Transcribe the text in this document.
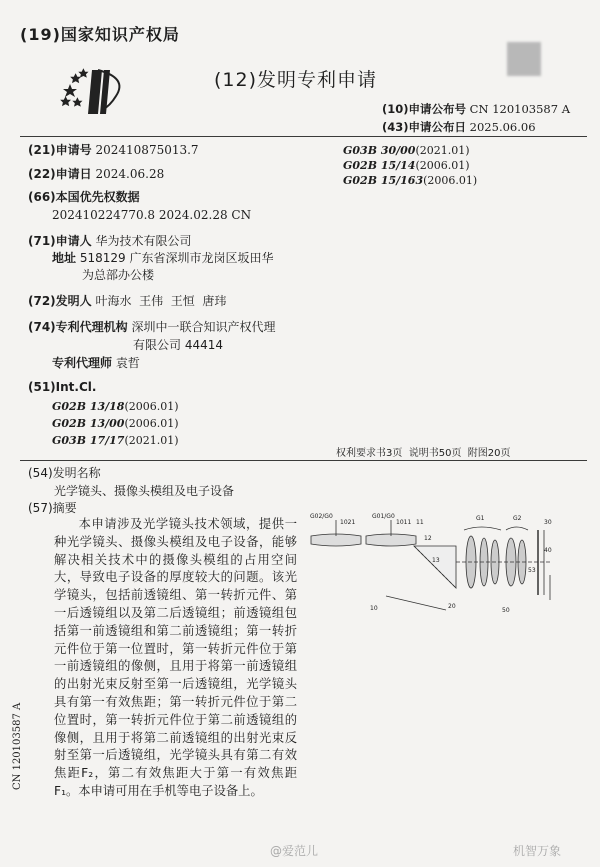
(19)国家知识产权局
(12)发明专利申请
(10)申请公布号 CN 120103587 A
(43)申请公布日 2025.06.06
(21)申请号 202410875013.7
(22)申请日 2024.06.28
(66)本国优先权数据
202410224770.8 2024.02.28 CN
(71)申请人 华为技术有限公司
地址 518129 广东省深圳市龙岗区坂田华
为总部办公楼
(72)发明人 叶海水  王伟  王恒  唐玮
(74)专利代理机构 深圳中一联合知识产权代理
有限公司 44414
专利代理师 袁哲
(51)Int.Cl.
G02B 13/18(2006.01)
G02B 13/00(2006.01)
G03B 17/17(2021.01)
G03B 30/00(2021.01)
G02B 15/14(2006.01)
G02B 15/163(2006.01)
权利要求书3页  说明书50页  附图20页
(54)发明名称
光学镜头、摄像头模组及电子设备
(57)摘要
本申请涉及光学镜头技术领域，提供一种光学镜头、摄像头模组及电子设备，能够解决相关技术中的摄像头模组的占用空间大，导致电子设备的厚度较大的问题。该光学镜头，包括前透镜组、第一转折元件、第一后透镜组以及第二后透镜组；前透镜组包括第一前透镜组和第二前透镜组；第一转折元件位于第一位置时，第一转折元件位于第一前透镜组的像侧，且用于将第一前透镜组的出射光束反射至第一后透镜组，光学镜头具有第一有效焦距；第一转折元件位于第二位置时，第一转折元件位于第二前透镜组的像侧，且用于将第二前透镜组的出射光束反射至第一后透镜组，光学镜头具有第二有效焦距F₂，第二有效焦距大于第一有效焦距F₁。本申请可用在手机等电子设备上。
CN 120103587 A
G02/G0
1021
G01/G0
1011 11
G1	G2
30
12
40
10	20
13
53
50
@爱范儿	机智万象
